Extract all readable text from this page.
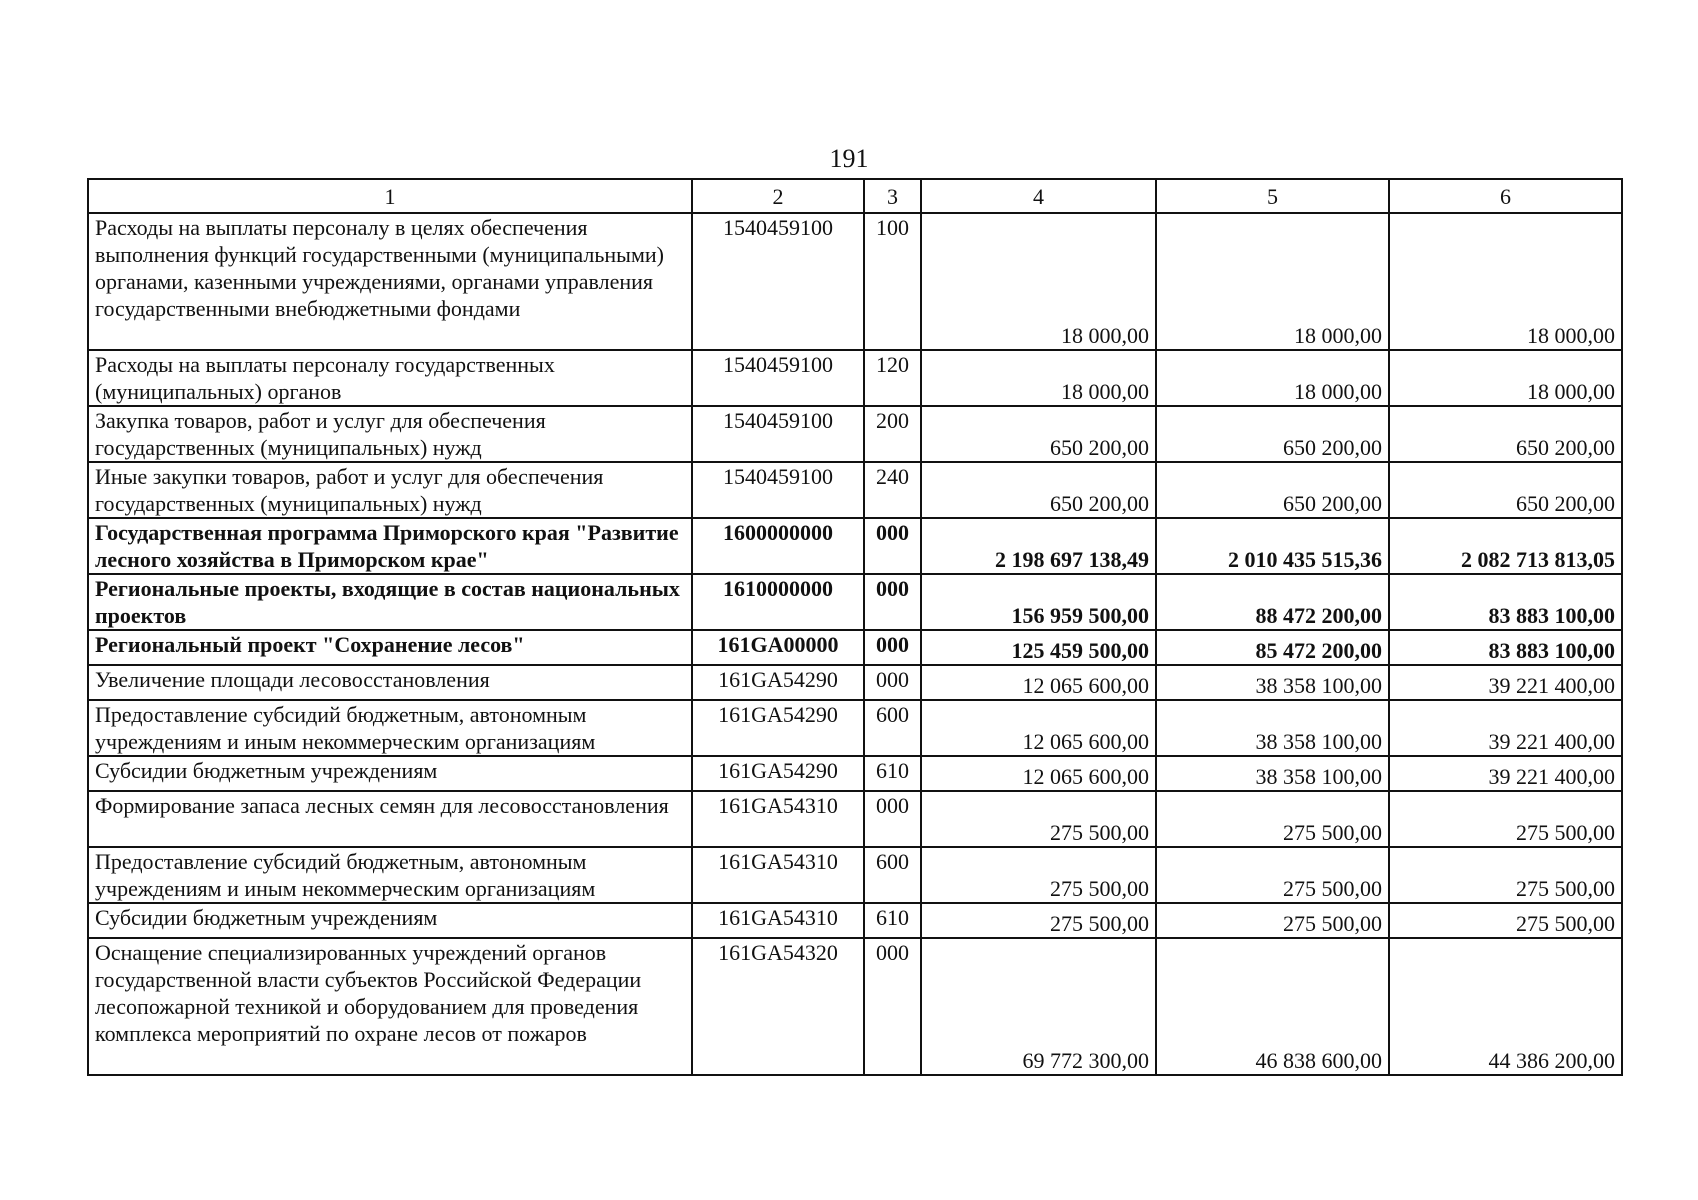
191
1	2	3	4	5	6
Расходы на выплаты персоналу в целях обеспечения выполнения функций государственными (муниципальными) органами, казенными учреждениями, органами управления государственными внебюджетными фондами	1540459100	100	18 000,00	18 000,00	18 000,00
Расходы на выплаты персоналу государственных (муниципальных) органов	1540459100	120	18 000,00	18 000,00	18 000,00
Закупка товаров, работ и услуг для обеспечения государственных (муниципальных) нужд	1540459100	200	650 200,00	650 200,00	650 200,00
Иные закупки товаров, работ и услуг для обеспечения государственных (муниципальных) нужд	1540459100	240	650 200,00	650 200,00	650 200,00
Государственная программа Приморского края "Развитие лесного хозяйства в Приморском крае"	1600000000	000	2 198 697 138,49	2 010 435 515,36	2 082 713 813,05
Региональные проекты, входящие в состав национальных проектов	1610000000	000	156 959 500,00	88 472 200,00	83 883 100,00
Региональный проект "Сохранение лесов"	161GA00000	000	125 459 500,00	85 472 200,00	83 883 100,00
Увеличение площади лесовосстановления	161GA54290	000	12 065 600,00	38 358 100,00	39 221 400,00
Предоставление субсидий бюджетным, автономным учреждениям и иным некоммерческим организациям	161GA54290	600	12 065 600,00	38 358 100,00	39 221 400,00
Субсидии бюджетным учреждениям	161GA54290	610	12 065 600,00	38 358 100,00	39 221 400,00
Формирование запаса лесных семян для лесовосстановления	161GA54310	000	275 500,00	275 500,00	275 500,00
Предоставление субсидий бюджетным, автономным учреждениям и иным некоммерческим организациям	161GA54310	600	275 500,00	275 500,00	275 500,00
Субсидии бюджетным учреждениям	161GA54310	610	275 500,00	275 500,00	275 500,00
Оснащение специализированных учреждений органов государственной власти субъектов Российской Федерации лесопожарной техникой и оборудованием для проведения комплекса мероприятий по охране лесов от пожаров	161GA54320	000	69 772 300,00	46 838 600,00	44 386 200,00
